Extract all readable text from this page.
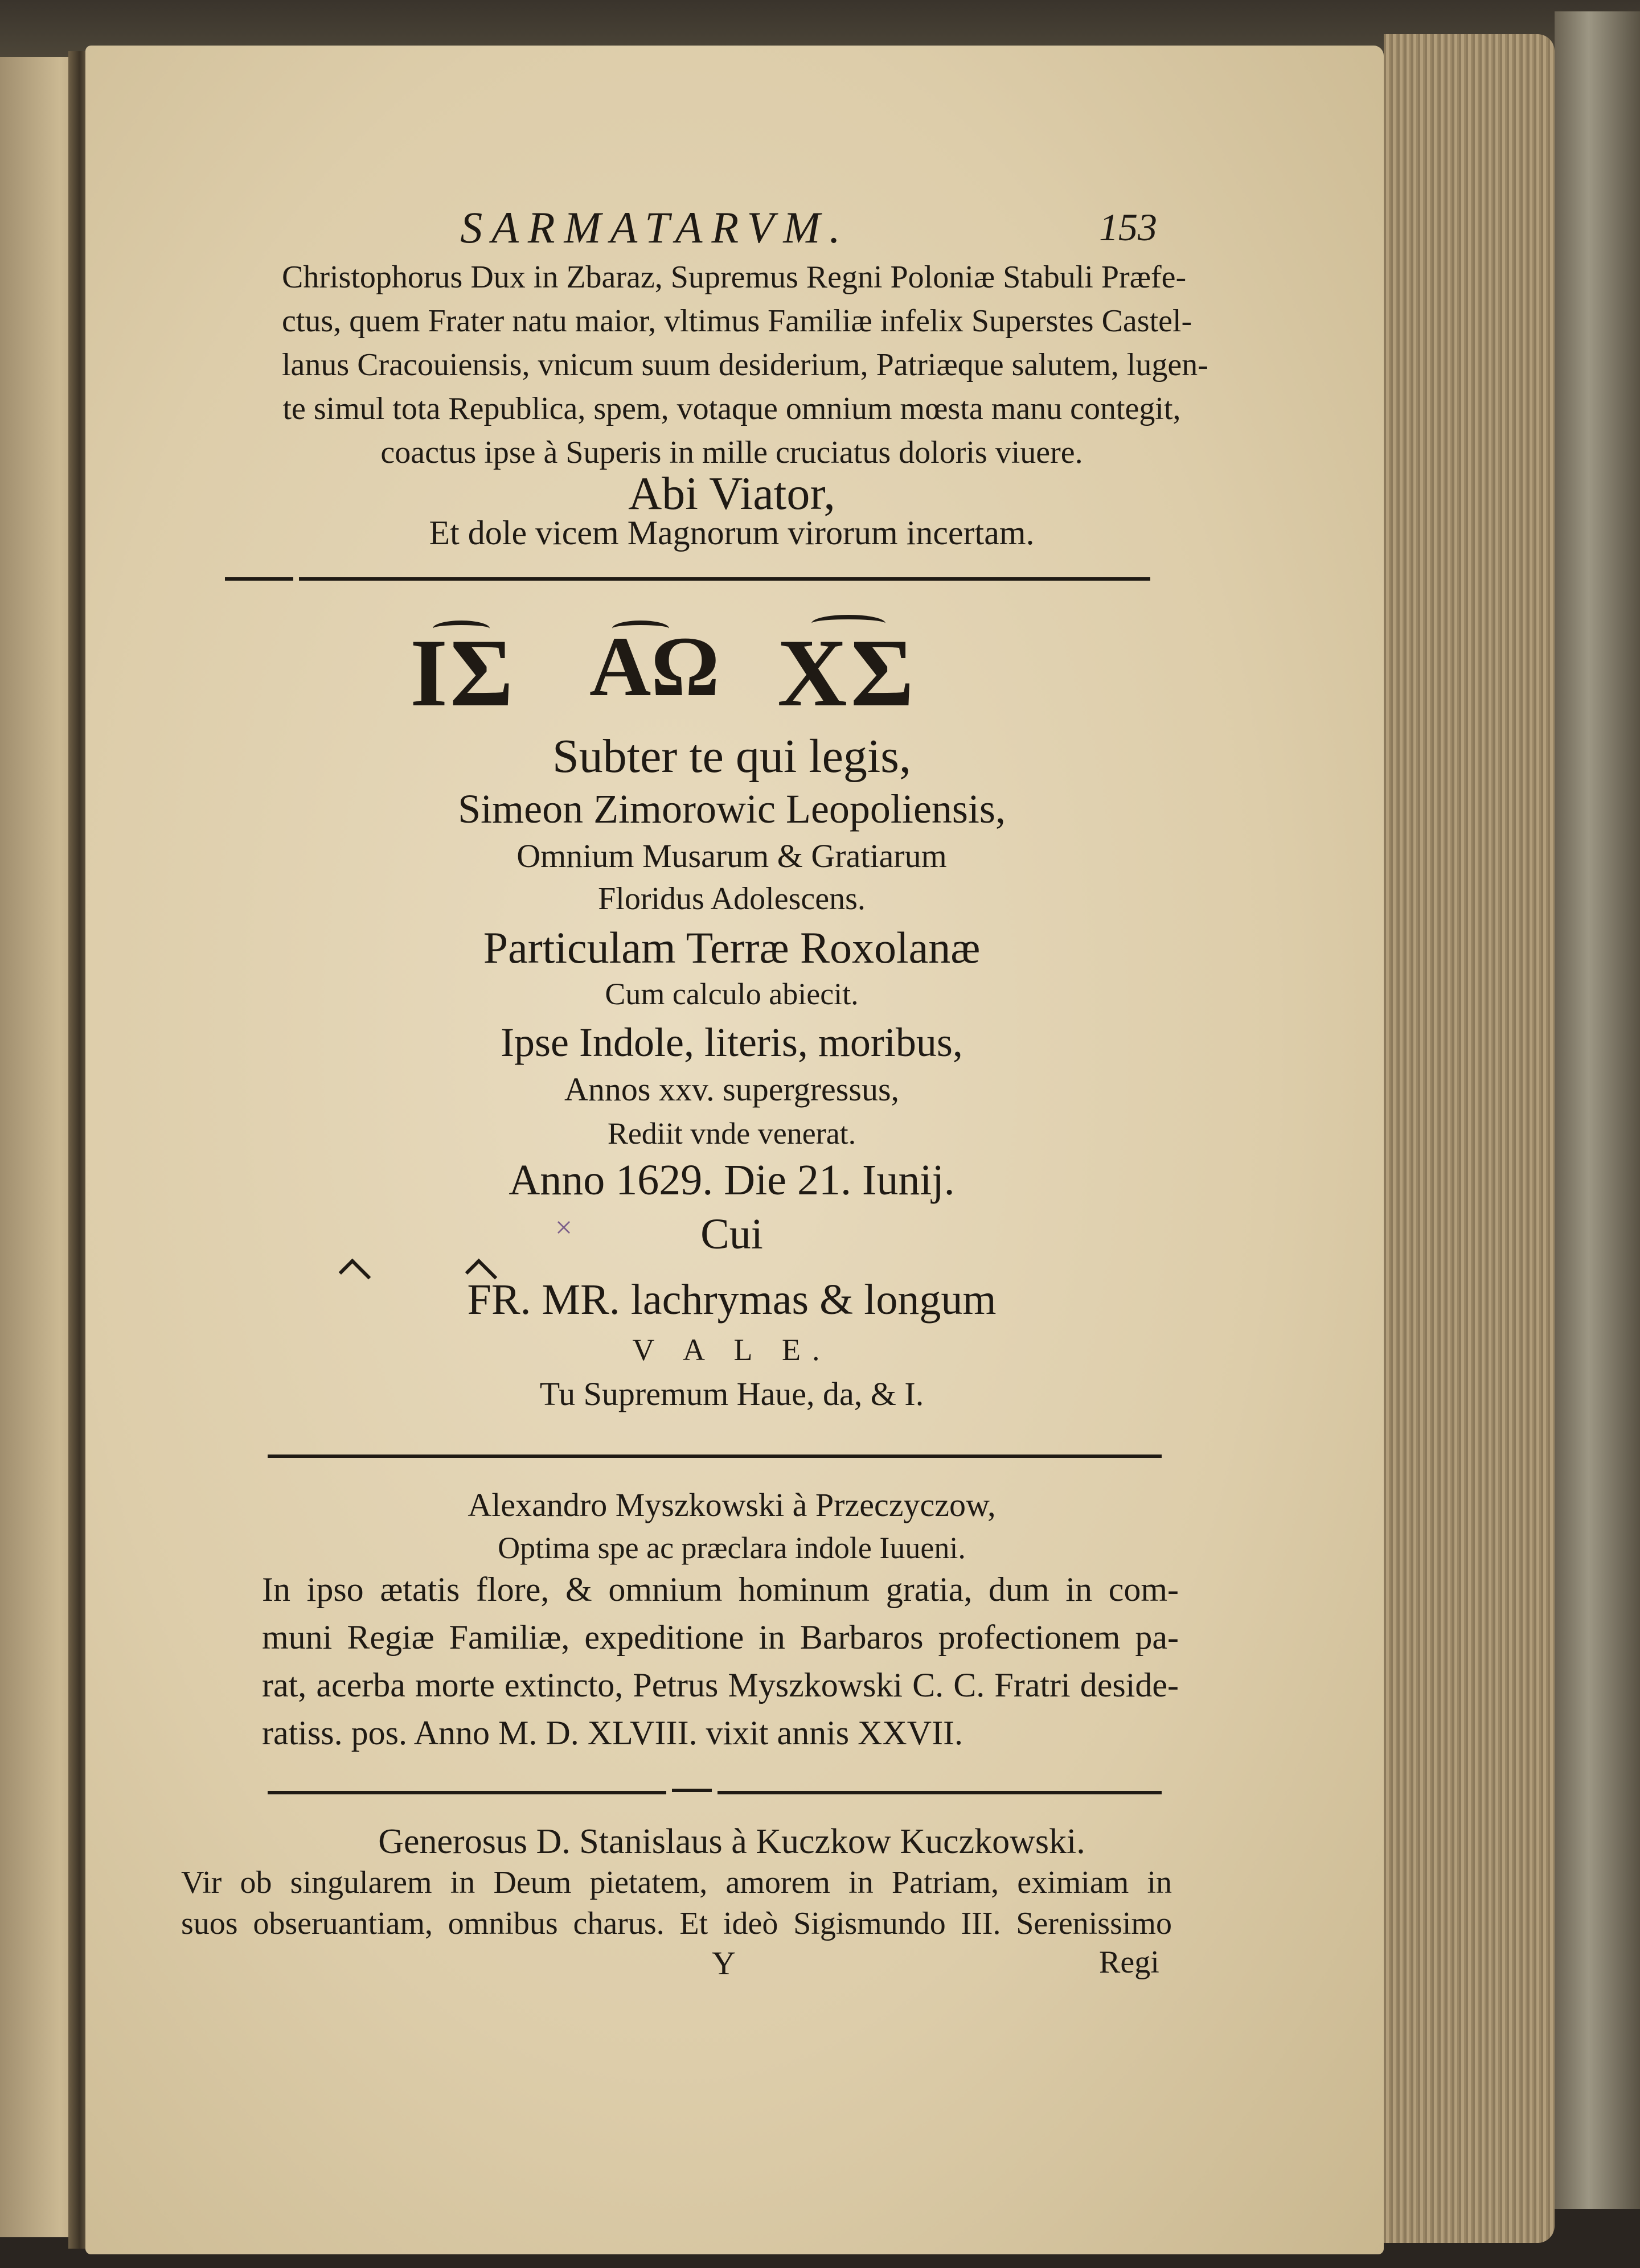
SARMATARVM.	153

Christophorus Dux in Zbaraz, Supremus Regni Poloniæ Stabuli Præfe-

ctus, quem Frater natu maior, vltimus Familiæ infelix Superstes Castel-

lanus Cracouiensis, vnicum suum desiderium, Patriæque salutem, lugen-

te simul tota Republica, spem, votaque omnium mœsta manu contegit,

coactus ipse à Superis in mille cruciatus doloris viuere.

Abi Viator,

Et dole vicem Magnorum virorum incertam.

ΙΣ ΑΩ ΧΣ

Subter te qui legis,

Simeon Zimorowic Leopoliensis,

Omnium Musarum & Gratiarum

Floridus Adolescens.

Particulam Terræ Roxolanæ

Cum calculo abiecit.

Ipse Indole, literis, moribus,

Annos xxv. supergressus,

Rediit vnde venerat.

Anno 1629. Die 21. Iunij.

×	Cui

FR. MR. lachrymas & longum

V A L E.

Tu Supremum Haue, da, & I.

Alexandro Myszkowski à Przeczyczow,

Optima spe ac præclara indole Iuueni.

In ipso ætatis flore, & omnium hominum gratia, dum in com-

muni Regiæ Familiæ, expeditione in Barbaros profectionem pa-

rat, acerba morte extincto, Petrus Myszkowski C. C. Fratri deside-

ratiss. pos. Anno M. D. XLVIII. vixit annis XXVII.

Generosus D. Stanislaus à Kuczkow Kuczkowski.

Vir ob singularem in Deum pietatem, amorem in Patriam, eximiam in

suos obseruantiam, omnibus charus. Et ideò Sigismundo III. Serenissimo

Y	Regi
